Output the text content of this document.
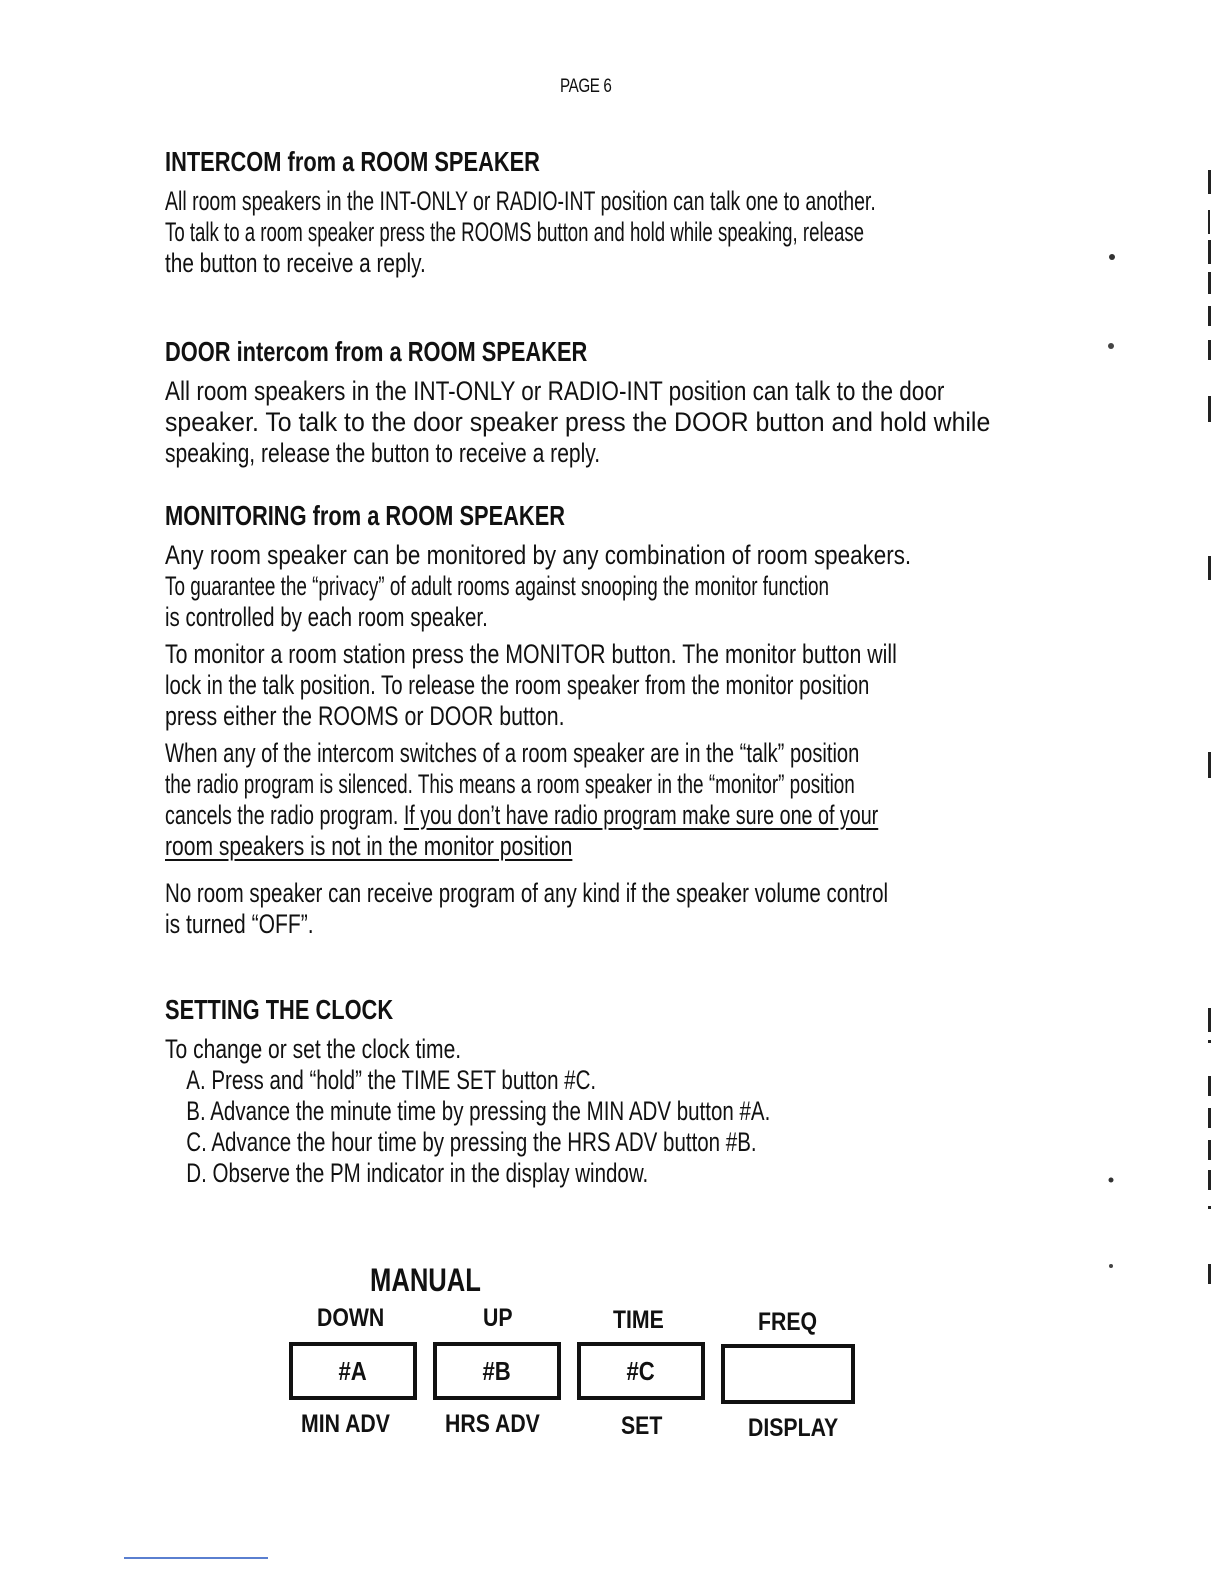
PAGE 6
INTERCOM from a ROOM SPEAKER

All room speakers in the INT-ONLY or RADIO-INT position can talk one to another.

To talk to a room speaker press the ROOMS button and hold while speaking, release

the button to receive a reply.

DOOR intercom from a ROOM SPEAKER

All room speakers in the INT-ONLY or RADIO-INT position can talk to the door

speaker. To talk to the door speaker press the DOOR button and hold while

speaking, release the button to receive a reply.

MONITORING from a ROOM SPEAKER

Any room speaker can be monitored by any combination of room speakers.

To guarantee the “privacy” of adult rooms against snooping the monitor function

is controlled by each room speaker.

To monitor a room station press the MONITOR button. The monitor button will

lock in the talk position. To release the room speaker from the monitor position

press either the ROOMS or DOOR button.

When any of the intercom switches of a room speaker are in the “talk” position

the radio program is silenced. This means a room speaker in the “monitor” position

cancels the radio program. If you don’t have radio program make sure one of your

room speakers is not in the monitor position

No room speaker can receive program of any kind if the speaker volume control

is turned “OFF”.

SETTING THE CLOCK

To change or set the clock time.

A. Press and “hold” the TIME SET button #C.

B. Advance the minute time by pressing the MIN ADV button #A.

C. Advance the hour time by pressing the HRS ADV button #B.

D. Observe the PM indicator in the display window.

MANUAL
DOWN	UP	TIME	FREQ
#A	#B	#C
MIN ADV HRS ADV	SET	DISPLAY
